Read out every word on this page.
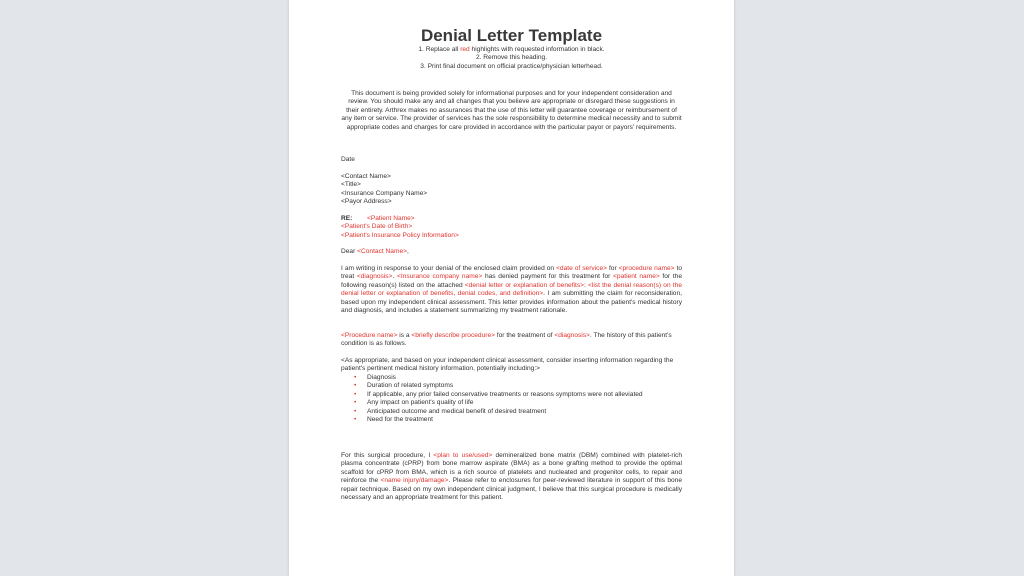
Denial Letter Template
1. Replace all red highlights with requested information in black.
2. Remove this heading.
3. Print final document on official practice/physician letterhead.
This document is being provided solely for informational purposes and for your independent consideration and review. You should make any and all changes that you believe are appropriate or disregard these suggestions in their entirety. Arthrex makes no assurances that the use of this letter will guarantee coverage or reimbursement of any item or service. The provider of services has the sole responsibility to determine medical necessity and to submit appropriate codes and charges for care provided in accordance with the particular payor or payors' requirements.
Date
<Contact Name>
<Title>
<Insurance Company Name>
<Payor Address>
RE:	<Patient Name>
<Patient's Date of Birth>
<Patient's Insurance Policy Information>
Dear <Contact Name>,
I am writing in response to your denial of the enclosed claim provided on <date of service> for <procedure name> to treat <diagnosis>. <Insurance company name> has denied payment for this treatment for <patient name> for the following reason(s) listed on the attached <denial letter or explanation of benefits>: <list the denial reason(s) on the denial letter or explanation of benefits, denial codes, and definition>. I am submitting the claim for reconsideration, based upon my independent clinical assessment. This letter provides information about the patient's medical history and diagnosis, and includes a statement summarizing my treatment rationale.
<Procedure name> is a <briefly describe procedure> for the treatment of <diagnosis>. The history of this patient's condition is as follows.
<As appropriate, and based on your independent clinical assessment, consider inserting information regarding the patient's pertinent medical history information, potentially including:>
• Diagnosis
• Duration of related symptoms
• If applicable, any prior failed conservative treatments or reasons symptoms were not alleviated
• Any impact on patient's quality of life
• Anticipated outcome and medical benefit of desired treatment
• Need for the treatment
For this surgical procedure, I <plan to use/used> demineralized bone matrix (DBM) combined with platelet-rich plasma concentrate (cPRP) from bone marrow aspirate (BMA) as a bone grafting method to provide the optimal scaffold for cPRP from BMA, which is a rich source of platelets and nucleated and progenitor cells, to repair and reinforce the <name injury/damage>. Please refer to enclosures for peer-reviewed literature in support of this bone repair technique. Based on my own independent clinical judgment, I believe that this surgical procedure is medically necessary and an appropriate treatment for this patient.
